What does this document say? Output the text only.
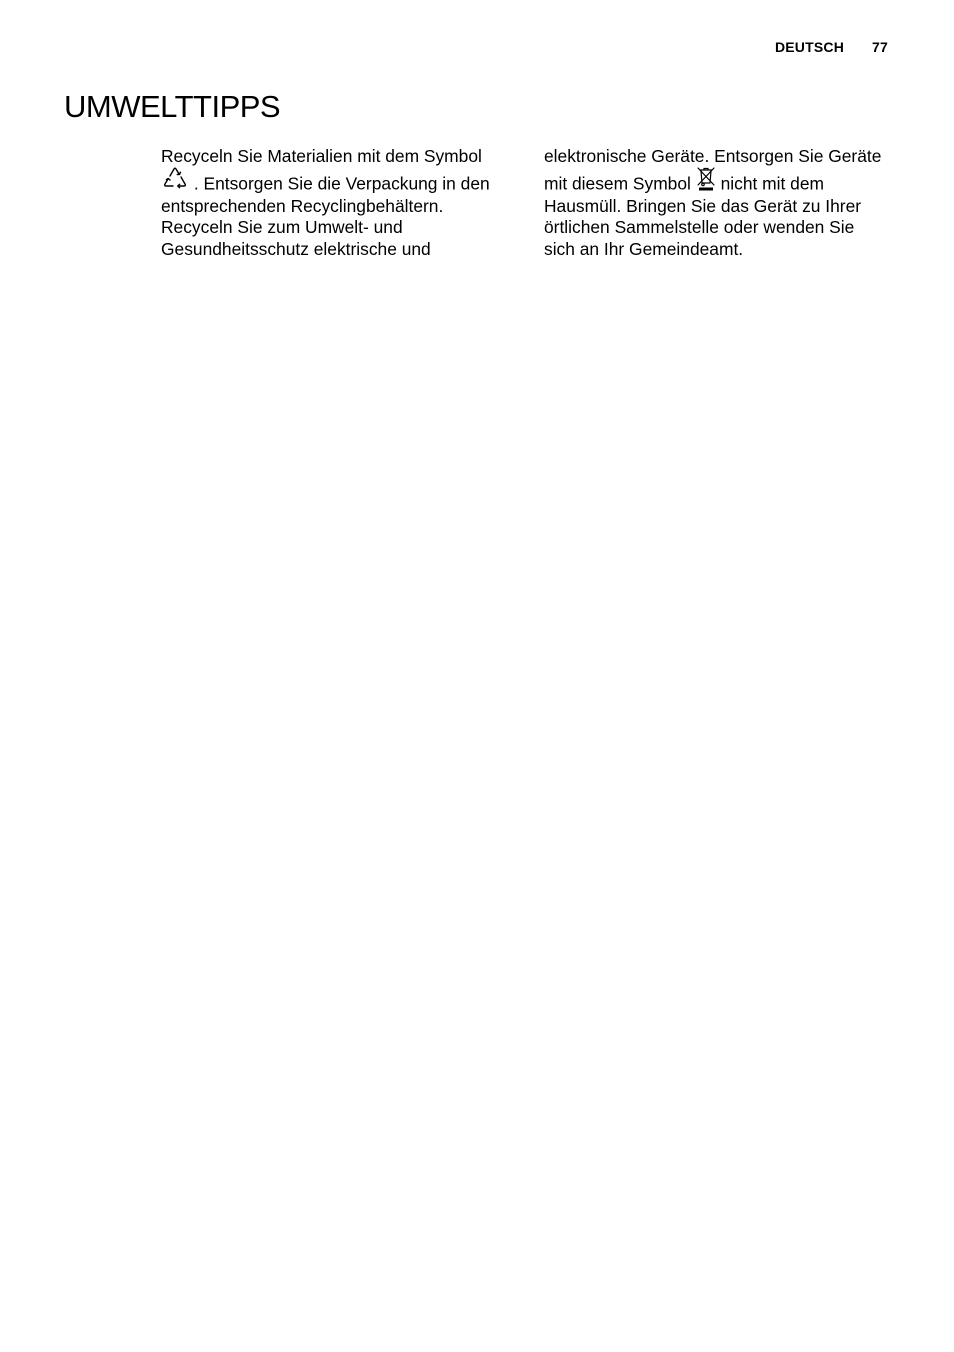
DEUTSCH 77
UMWELTTIPPS
Recyceln Sie Materialien mit dem Symbol
. Entsorgen Sie die Verpackung in den
entsprechenden Recyclingbehältern.
Recyceln Sie zum Umwelt- und
Gesundheitsschutz elektrische und
elektronische Geräte. Entsorgen Sie Geräte
mit diesem Symbol nicht mit dem
Hausmüll. Bringen Sie das Gerät zu Ihrer
örtlichen Sammelstelle oder wenden Sie
sich an Ihr Gemeindeamt.
